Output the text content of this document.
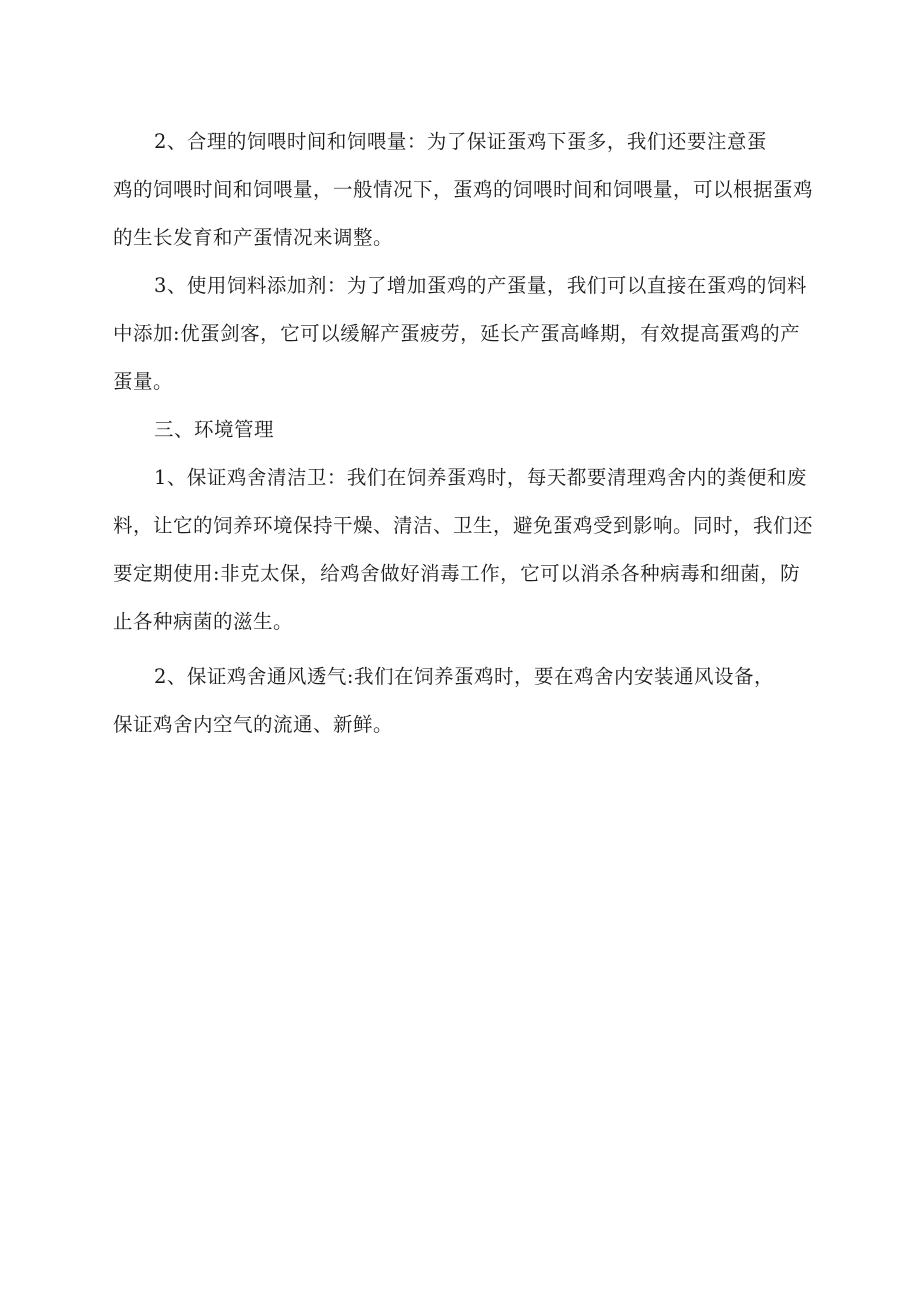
2、合理的饲喂时间和饲喂量：为了保证蛋鸡下蛋多，我们还要注意蛋
鸡的饲喂时间和饲喂量，一般情况下，蛋鸡的饲喂时间和饲喂量，可以根据蛋鸡
的生长发育和产蛋情况来调整。
3、使用饲料添加剂：为了增加蛋鸡的产蛋量，我们可以直接在蛋鸡的饲料
中添加:优蛋剑客，它可以缓解产蛋疲劳，延长产蛋高峰期，有效提高蛋鸡的产
蛋量。
三、环境管理
1、保证鸡舍清洁卫：我们在饲养蛋鸡时，每天都要清理鸡舍内的粪便和废
料，让它的饲养环境保持干燥、清洁、卫生，避免蛋鸡受到影响。同时，我们还
要定期使用:非克太保，给鸡舍做好消毒工作，它可以消杀各种病毒和细菌，防
止各种病菌的滋生。
2、保证鸡舍通风透气:我们在饲养蛋鸡时，要在鸡舍内安装通风设备，
保证鸡舍内空气的流通、新鲜。
